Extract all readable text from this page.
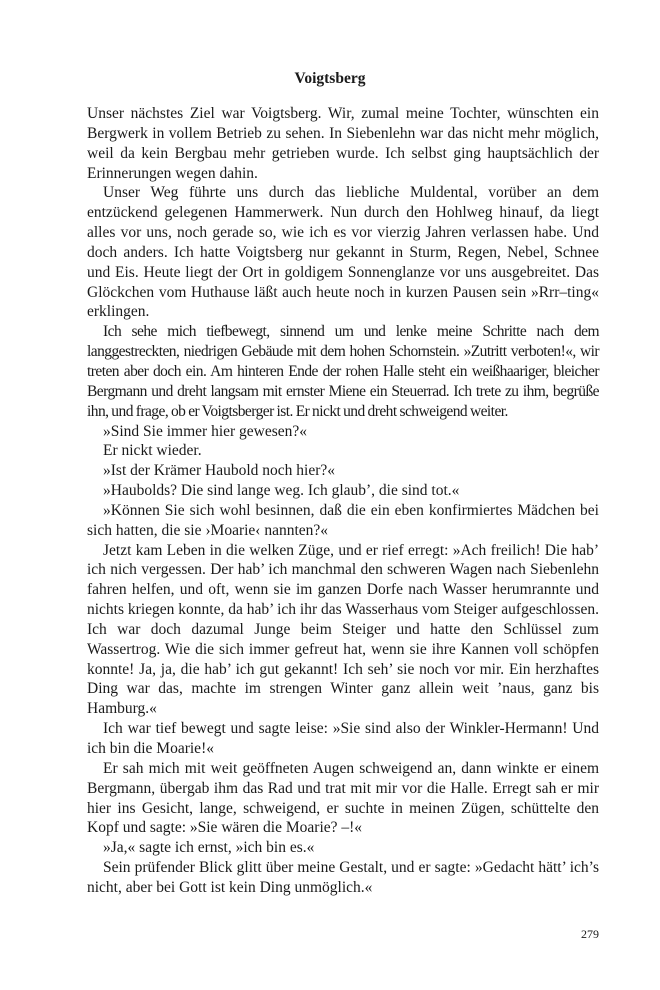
Voigtsberg

Unser nächstes Ziel war Voigtsberg. Wir, zumal meine Tochter, wünschten ein Bergwerk in vollem Betrieb zu sehen. In Siebenlehn war das nicht mehr möglich, weil da kein Bergbau mehr getrieben wurde. Ich selbst ging hauptsächlich der Erinnerungen wegen dahin.

Unser Weg führte uns durch das liebliche Muldental, vorüber an dem entzückend gelegenen Hammerwerk. Nun durch den Hohlweg hinauf, da liegt alles vor uns, noch gerade so, wie ich es vor vierzig Jahren verlassen habe. Und doch anders. Ich hatte Voigtsberg nur gekannt in Sturm, Regen, Nebel, Schnee und Eis. Heute liegt der Ort in goldigem Sonnenglanze vor uns ausgebreitet. Das Glöckchen vom Huthause läßt auch heute noch in kurzen Pausen sein »Rrr–ting« erklingen.

Ich sehe mich tiefbewegt, sinnend um und lenke meine Schritte nach dem langgestreckten, niedrigen Gebäude mit dem hohen Schornstein. »Zutritt verboten!«, wir treten aber doch ein. Am hinteren Ende der rohen Halle steht ein weißhaariger, bleicher Bergmann und dreht langsam mit ernster Miene ein Steuerrad. Ich trete zu ihm, begrüße ihn, und frage, ob er Voigtsberger ist. Er nickt und dreht schweigend weiter.

»Sind Sie immer hier gewesen?«

Er nickt wieder.

»Ist der Krämer Haubold noch hier?«

»Haubolds? Die sind lange weg. Ich glaub’, die sind tot.«

»Können Sie sich wohl besinnen, daß die ein eben konfirmiertes Mädchen bei sich hatten, die sie ›Moarie‹ nannten?«

Jetzt kam Leben in die welken Züge, und er rief erregt: »Ach freilich! Die hab’ ich nich vergessen. Der hab’ ich manchmal den schweren Wagen nach Siebenlehn fahren helfen, und oft, wenn sie im ganzen Dorfe nach Wasser herumrannte und nichts kriegen konnte, da hab’ ich ihr das Wasserhaus vom Steiger aufgeschlossen. Ich war doch dazumal Junge beim Steiger und hatte den Schlüssel zum Wassertrog. Wie die sich immer gefreut hat, wenn sie ihre Kannen voll schöpfen konnte! Ja, ja, die hab’ ich gut gekannt! Ich seh’ sie noch vor mir. Ein herzhaftes Ding war das, machte im strengen Winter ganz allein weit ’naus, ganz bis Hamburg.«

Ich war tief bewegt und sagte leise: »Sie sind also der Winkler-Hermann! Und ich bin die Moarie!«

Er sah mich mit weit geöffneten Augen schweigend an, dann winkte er einem Bergmann, übergab ihm das Rad und trat mit mir vor die Halle. Erregt sah er mir hier ins Gesicht, lange, schweigend, er suchte in meinen Zügen, schüttelte den Kopf und sagte: »Sie wären die Moarie? –!«

»Ja,« sagte ich ernst, »ich bin es.«

Sein prüfender Blick glitt über meine Gestalt, und er sagte: »Gedacht hätt’ ich’s nicht, aber bei Gott ist kein Ding unmöglich.«

279
